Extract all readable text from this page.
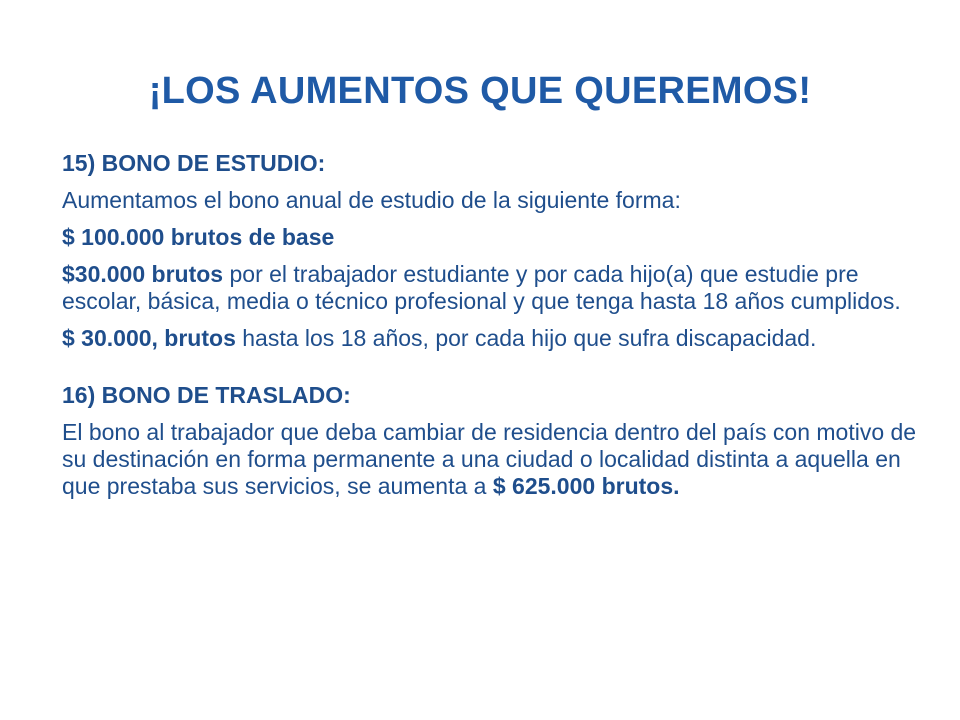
¡LOS AUMENTOS QUE QUEREMOS!

15) BONO DE ESTUDIO:

Aumentamos el bono anual de estudio de la siguiente forma:

$ 100.000 brutos de base

$30.000 brutos por el trabajador estudiante y por cada hijo(a) que estudie pre escolar, básica, media o técnico profesional y que tenga hasta 18 años cumplidos.

$ 30.000, brutos hasta los 18 años, por cada hijo que sufra discapacidad.

16) BONO DE TRASLADO:

El bono al trabajador que deba cambiar de residencia dentro del país con motivo de su destinación en forma permanente a una ciudad o localidad distinta a aquella en que prestaba sus servicios, se aumenta a $ 625.000 brutos.
